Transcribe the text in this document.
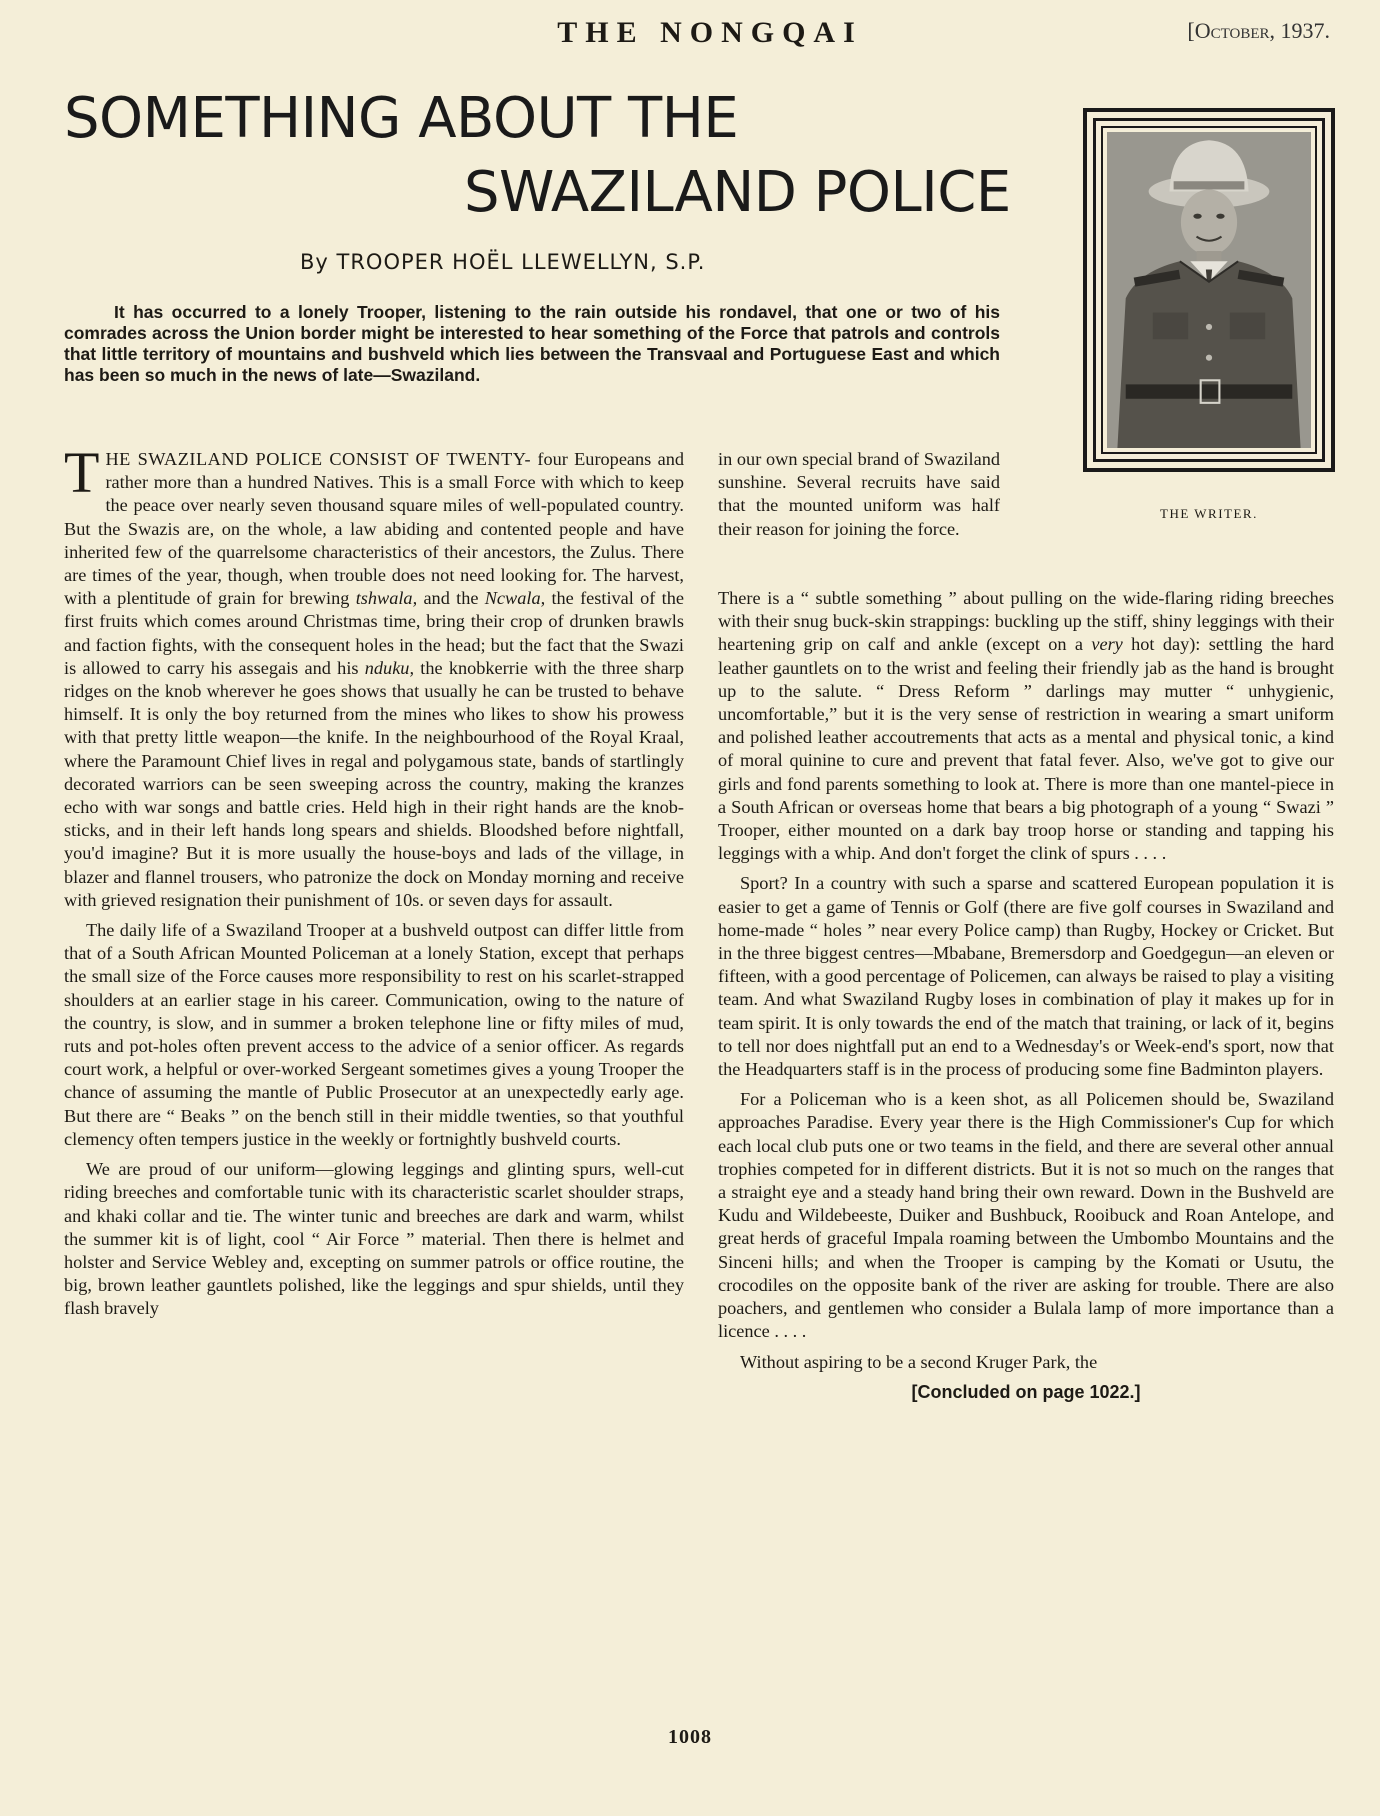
THE NONGQAI	[October, 1937.
SOMETHING ABOUT THE
SWAZILAND POLICE
By TROOPER HOËL LLEWELLYN, S.P.
It has occurred to a lonely Trooper, listening to the rain outside his rondavel, that one or two of his comrades across the Union border might be interested to hear something of the Force that patrols and controls that little territory of mountains and bushveld which lies between the Transvaal and Portuguese East and which has been so much in the news of late—Swaziland.
THE WRITER.

THE SWAZILAND POLICE CONSIST OF TWENTY- four Europeans and rather more than a hundred Natives. This is a small Force with which to keep the peace over nearly seven thousand square miles of well-populated country. But the Swazis are, on the whole, a law abiding and contented people and have inherited few of the quarrelsome characteristics of their ancestors, the Zulus. There are times of the year, though, when trouble does not need looking for. The harvest, with a plentitude of grain for brewing tshwala, and the Ncwala, the festival of the first fruits which comes around Christmas time, bring their crop of drunken brawls and faction fights, with the consequent holes in the head; but the fact that the Swazi is allowed to carry his assegais and his nduku, the knobkerrie with the three sharp ridges on the knob wherever he goes shows that usually he can be trusted to behave himself. It is only the boy returned from the mines who likes to show his prowess with that pretty little weapon—the knife. In the neighbourhood of the Royal Kraal, where the Paramount Chief lives in regal and polygamous state, bands of startlingly decorated warriors can be seen sweeping across the country, making the kranzes echo with war songs and battle cries. Held high in their right hands are the knob-sticks, and in their left hands long spears and shields. Bloodshed before nightfall, you'd imagine? But it is more usually the house-boys and lads of the village, in blazer and flannel trousers, who patronize the dock on Monday morning and receive with grieved resignation their punishment of 10s. or seven days for assault.

The daily life of a Swaziland Trooper at a bushveld outpost can differ little from that of a South African Mounted Policeman at a lonely Station, except that perhaps the small size of the Force causes more responsibility to rest on his scarlet-strapped shoulders at an earlier stage in his career. Communication, owing to the nature of the country, is slow, and in summer a broken telephone line or fifty miles of mud, ruts and pot-holes often prevent access to the advice of a senior officer. As regards court work, a helpful or over-worked Sergeant sometimes gives a young Trooper the chance of assuming the mantle of Public Prosecutor at an unexpectedly early age. But there are “ Beaks ” on the bench still in their middle twenties, so that youthful clemency often tempers justice in the weekly or fortnightly bushveld courts.

We are proud of our uniform—glowing leggings and glinting spurs, well-cut riding breeches and comfortable tunic with its characteristic scarlet shoulder straps, and khaki collar and tie. The winter tunic and breeches are dark and warm, whilst the summer kit is of light, cool “ Air Force ” material. Then there is helmet and holster and Service Webley and, excepting on summer patrols or office routine, the big, brown leather gauntlets polished, like the leggings and spur shields, until they flash bravely

in our own special brand of Swaziland sunshine. Several recruits have said that the mounted uniform was half their reason for joining the force.

There is a “ subtle something ” about pulling on the wide-flaring riding breeches with their snug buck-skin strappings: buckling up the stiff, shiny leggings with their heartening grip on calf and ankle (except on a very hot day): settling the hard leather gauntlets on to the wrist and feeling their friendly jab as the hand is brought up to the salute. “ Dress Reform ” darlings may mutter “ unhygienic, uncomfortable,” but it is the very sense of restriction in wearing a smart uniform and polished leather accoutrements that acts as a mental and physical tonic, a kind of moral quinine to cure and prevent that fatal fever. Also, we've got to give our girls and fond parents something to look at. There is more than one mantel-piece in a South African or overseas home that bears a big photograph of a young “ Swazi ” Trooper, either mounted on a dark bay troop horse or standing and tapping his leggings with a whip. And don't forget the clink of spurs . . . .

Sport? In a country with such a sparse and scattered European population it is easier to get a game of Tennis or Golf (there are five golf courses in Swaziland and home-made “ holes ” near every Police camp) than Rugby, Hockey or Cricket. But in the three biggest centres—Mbabane, Bremersdorp and Goedgegun—an eleven or fifteen, with a good percentage of Policemen, can always be raised to play a visiting team. And what Swaziland Rugby loses in combination of play it makes up for in team spirit. It is only towards the end of the match that training, or lack of it, begins to tell nor does nightfall put an end to a Wednesday's or Week-end's sport, now that the Headquarters staff is in the process of producing some fine Badminton players.

For a Policeman who is a keen shot, as all Policemen should be, Swaziland approaches Paradise. Every year there is the High Commissioner's Cup for which each local club puts one or two teams in the field, and there are several other annual trophies competed for in different districts. But it is not so much on the ranges that a straight eye and a steady hand bring their own reward. Down in the Bushveld are Kudu and Wildebeeste, Duiker and Bushbuck, Rooibuck and Roan Antelope, and great herds of graceful Impala roaming between the Umbombo Mountains and the Sinceni hills; and when the Trooper is camping by the Komati or Usutu, the crocodiles on the opposite bank of the river are asking for trouble. There are also poachers, and gentlemen who consider a Bulala lamp of more importance than a licence . . . .

Without aspiring to be a second Kruger Park, the

[Concluded on page 1022.]
1008
